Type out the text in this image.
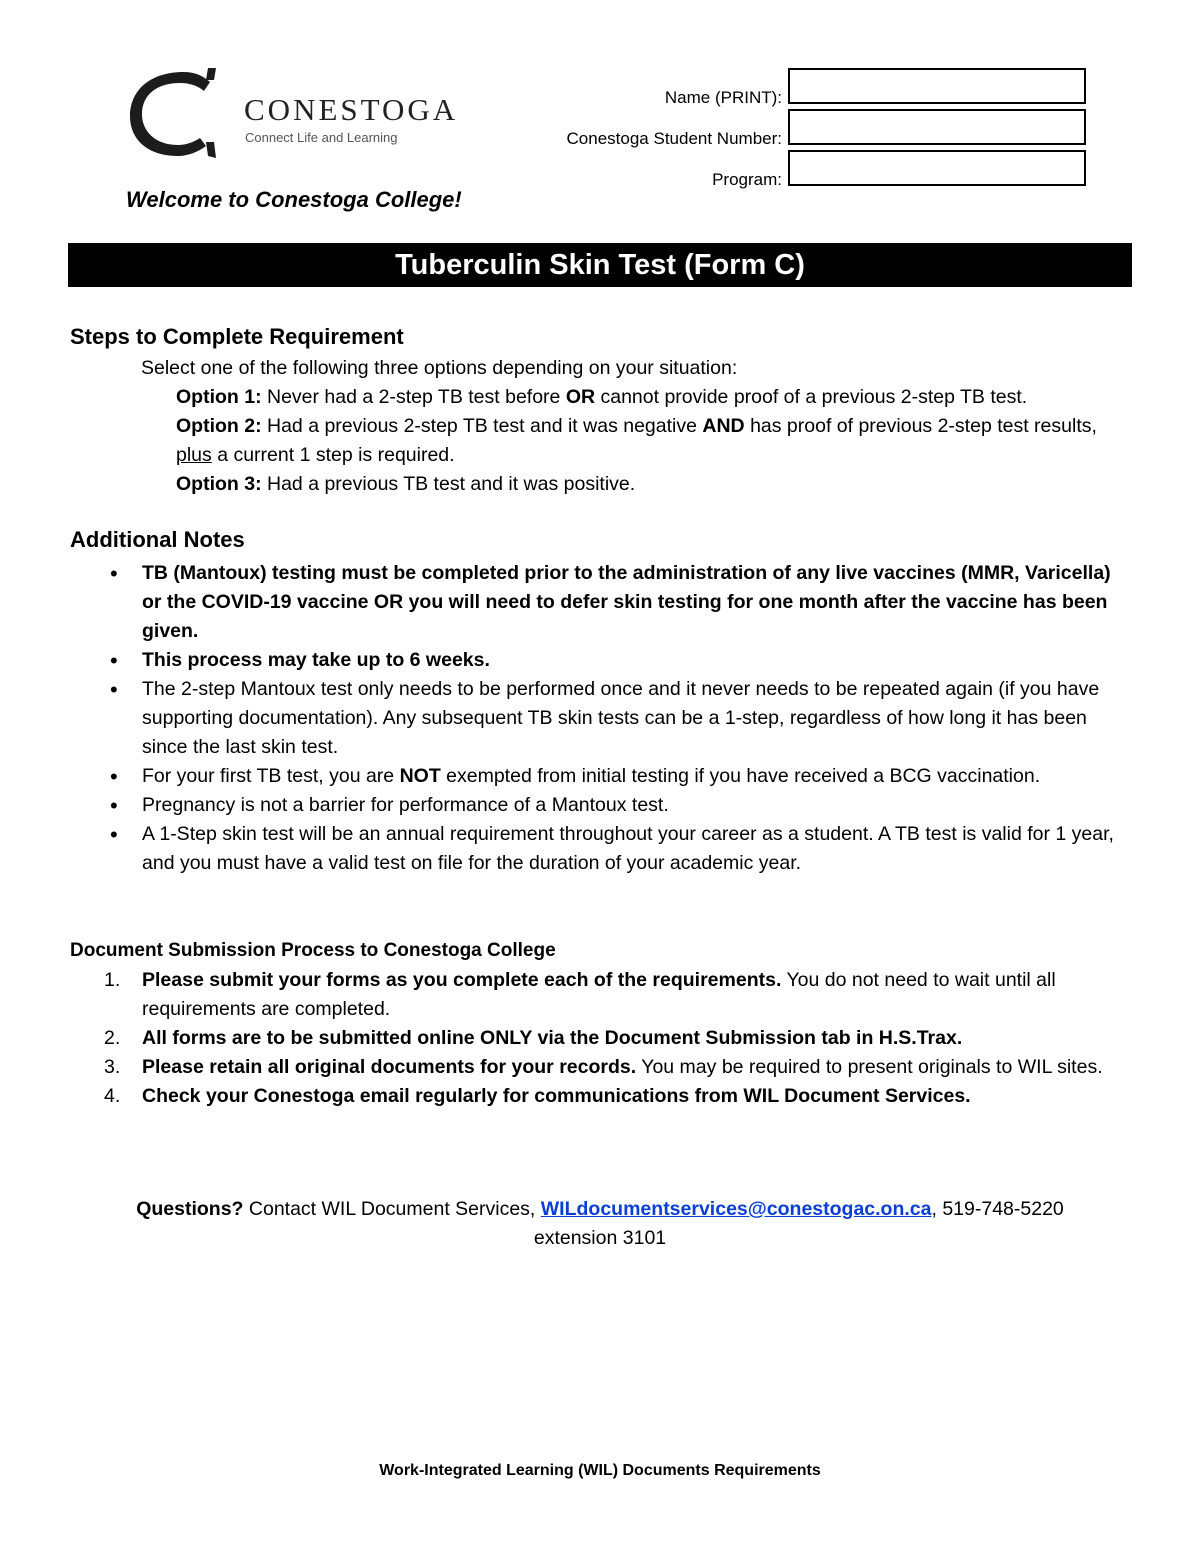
CONESTOGA
Connect Life and Learning
Welcome to Conestoga College!
Name (PRINT):
Conestoga Student Number:
Program:
Tuberculin Skin Test (Form C)
Steps to Complete Requirement
Select one of the following three options depending on your situation:
Option 1: Never had a 2-step TB test before OR cannot provide proof of a previous 2-step TB test.
Option 2: Had a previous 2-step TB test and it was negative AND has proof of previous 2-step test results, plus a current 1 step is required.
Option 3: Had a previous TB test and it was positive.
Additional Notes
• TB (Mantoux) testing must be completed prior to the administration of any live vaccines (MMR, Varicella) or the COVID-19 vaccine OR you will need to defer skin testing for one month after the vaccine has been given.
• This process may take up to 6 weeks.
• The 2-step Mantoux test only needs to be performed once and it never needs to be repeated again (if you have supporting documentation). Any subsequent TB skin tests can be a 1-step, regardless of how long it has been since the last skin test.
• For your first TB test, you are NOT exempted from initial testing if you have received a BCG vaccination.
• Pregnancy is not a barrier for performance of a Mantoux test.
• A 1-Step skin test will be an annual requirement throughout your career as a student. A TB test is valid for 1 year, and you must have a valid test on file for the duration of your academic year.
Document Submission Process to Conestoga College
1. Please submit your forms as you complete each of the requirements. You do not need to wait until all requirements are completed.
2. All forms are to be submitted online ONLY via the Document Submission tab in H.S.Trax.
3. Please retain all original documents for your records. You may be required to present originals to WIL sites.
4. Check your Conestoga email regularly for communications from WIL Document Services.
Questions? Contact WIL Document Services, WILdocumentservices@conestogac.on.ca, 519-748-5220
extension 3101
Work-Integrated Learning (WIL) Documents Requirements
